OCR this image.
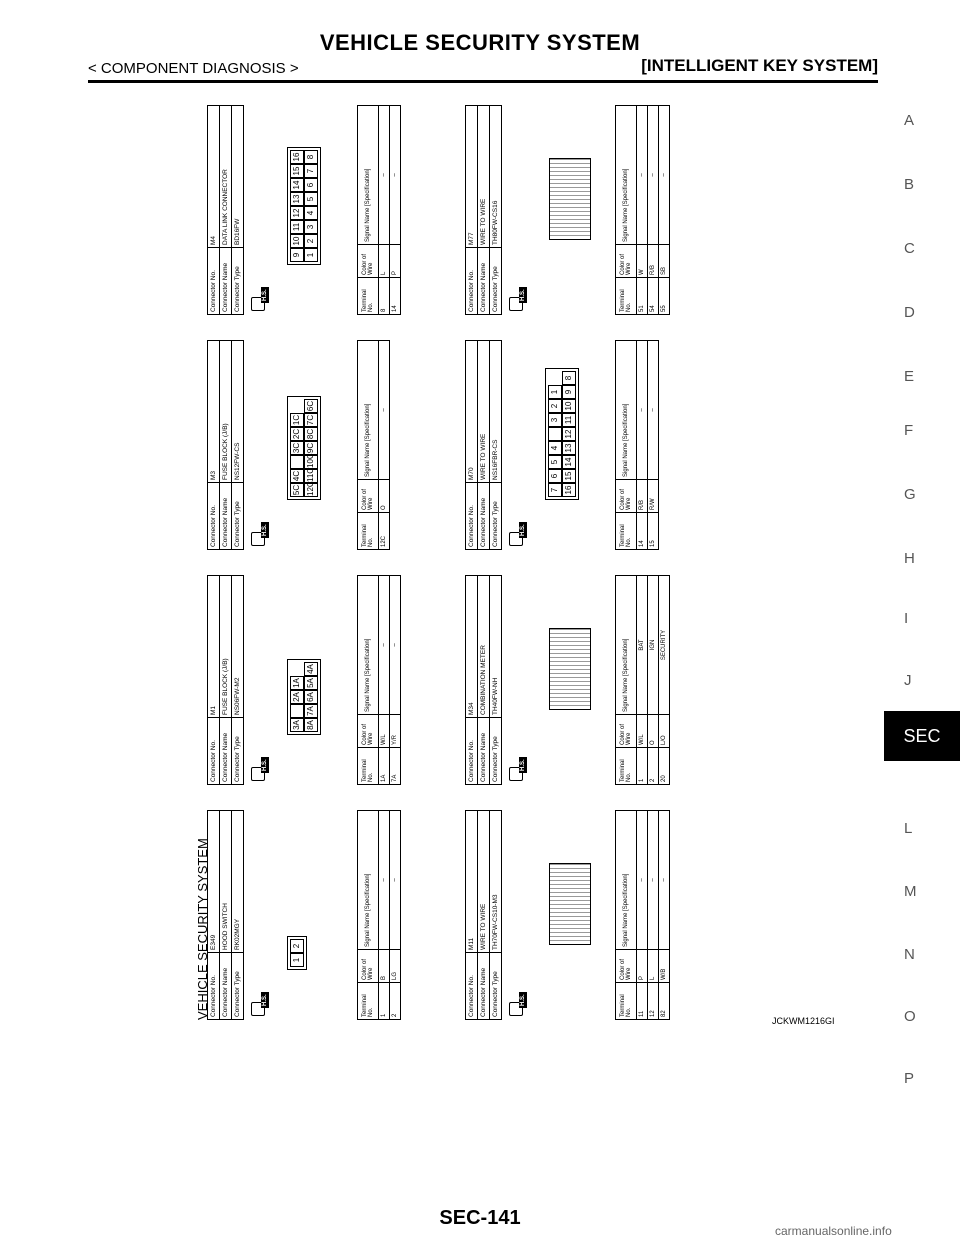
VEHICLE SECURITY SYSTEM
< COMPONENT DIAGNOSIS >	[INTELLIGENT KEY SYSTEM]
A
B
C
D
E
F
G
H
I
J
L
M
N
O
P
SEC
VEHICLE SECURITY SYSTEM Connector No.	E349
Connector Name	HOOD SWITCH
Connector Type	RK02MGY
H.S.
1
2
Terminal No.	Color of Wire	Signal Name [Specification]
1	B	–
2	LG	–
Connector No.	M1
Connector Name	FUSE BLOCK (J/B)
Connector Type	NS06FW-M2
H.S.
3A
2A
1A
8A
7A
6A
5A
4A
Terminal No.	Color of Wire	Signal Name [Specification]
1A	W/L	–
7A	Y/R	–
Connector No.	M3
Connector Name	FUSE BLOCK (J/B)
Connector Type	NS12FW-CS
H.S.
5C
4C
3C
2C
1C
12C
11C
10C
9C
8C
7C
6C
Terminal No.	Color of Wire	Signal Name [Specification]
12C	O	–
Connector No.	M4
Connector Name	DATA LINK CONNECTOR
Connector Type	BD16FW
H.S.
9
10
11
12
13
14
15
16
1
2
3
4
5
6
7
8
Terminal No.	Color of Wire	Signal Name [Specification]
8	L	–
14	P	–
Connector No.	M11
Connector Name	WIRE TO WIRE
Connector Type	TH70FW-CS10-M3
H.S.	Terminal No.	Color of Wire	Signal Name [Specification]
11	P	–
12	L	–
82	W/B	–
Connector No.	M34
Connector Name	COMBINATION METER
Connector Type	TH40FW-NH
H.S.	Terminal No.	Color of Wire	Signal Name [Specification]
1	W/L	BAT
2	O	IGN
20	L/O	SECURITY
Connector No.	M70
Connector Name	WIRE TO WIRE
Connector Type	NS16FBR-CS
H.S.
7
6
5
4
3
2
1
16
15
14
13
12
11
10
9
8
Terminal No.	Color of Wire	Signal Name [Specification]
14	R/B	–
15	R/W	–
Connector No.	M77
Connector Name	WIRE TO WIRE
Connector Type	TH80FW-CS16
H.S.	Terminal No.	Color of Wire	Signal Name [Specification]
51	W	–
54	R/B	–
55	SB	–
JCKWM1216GI
SEC-141
carmanualsonline.info
